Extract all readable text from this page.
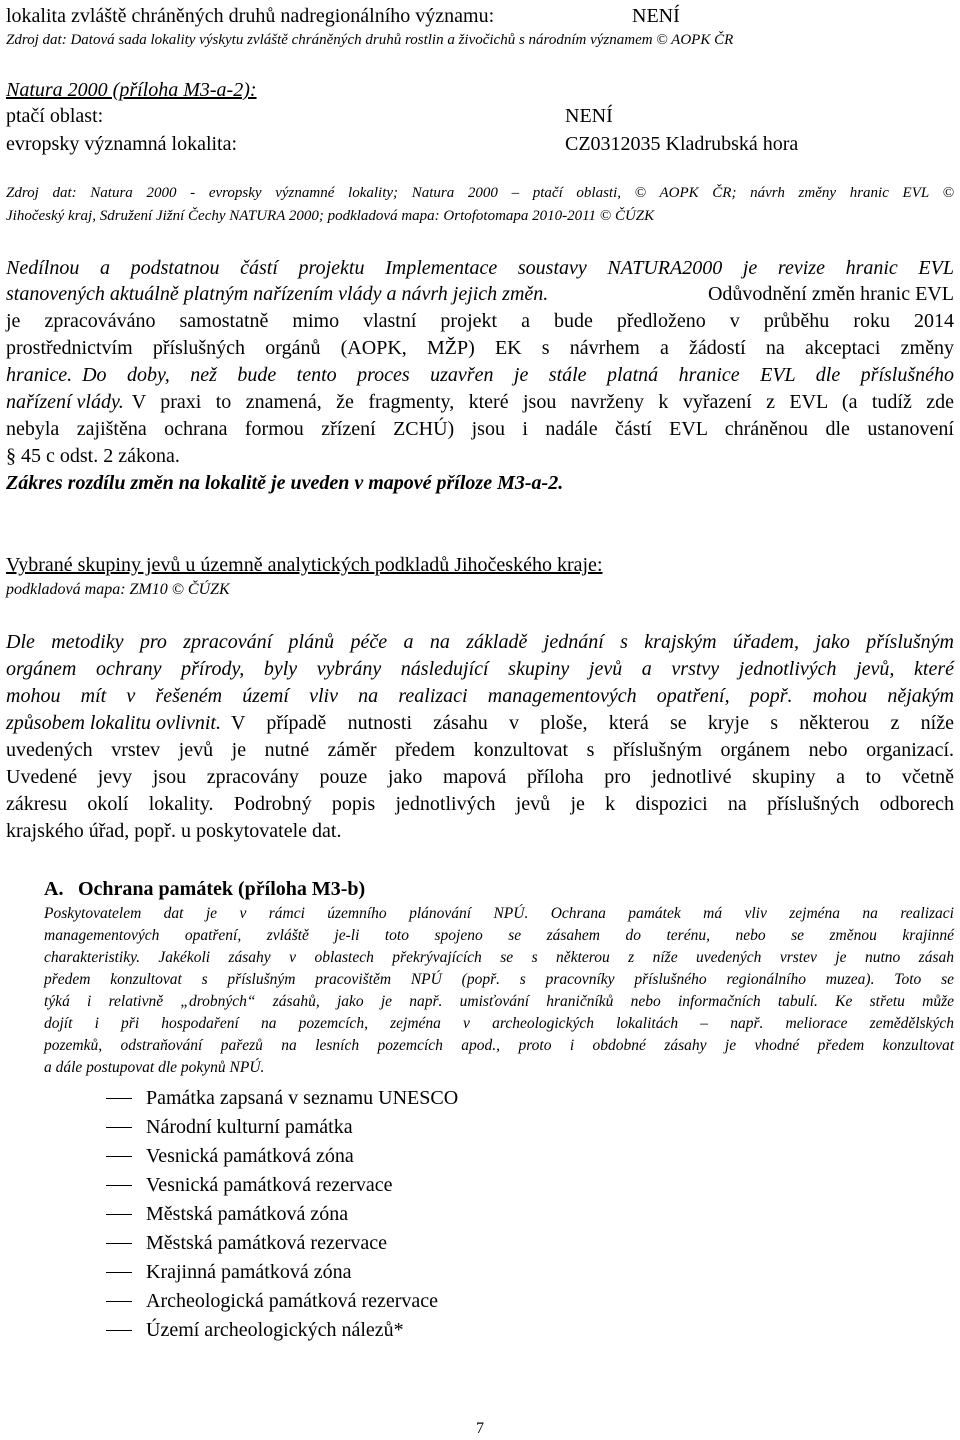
lokalita zvláště chráněných druhů nadregionálního významu:	NENÍ
Zdroj dat: Datová sada lokality výskytu zvláště chráněných druhů rostlin a živočichů s národním významem © AOPK ČR
Natura 2000 (příloha M3-a-2):
ptačí oblast:	NENÍ
evropsky významná lokalita:	CZ0312035 Kladrubská hora
Zdroj dat: Natura 2000 - evropsky významné lokality; Natura 2000 – ptačí oblasti, © AOPK ČR; návrh změny hranic EVL ©
Jihočeský kraj, Sdružení Jižní Čechy NATURA 2000; podkladová mapa: Ortofotomapa 2010-2011 © ČÚZK
Nedílnou a podstatnou částí projektu Implementace soustavy NATURA2000 je revize hranic EVL
stanovených aktuálně platným nařízením vlády a návrh jejich změn.	Odůvodnění změn hranic EVL
je zpracováváno samostatně mimo vlastní projekt a bude předloženo v průběhu roku 2014
prostřednictvím příslušných orgánů (AOPK, MŽP) EK s návrhem a žádostí na akceptaci změny
hranice. Do doby, než bude tento proces uzavřen je stále platná hranice EVL dle příslušného
nařízení vlády. V praxi to znamená, že fragmenty, které jsou navrženy k vyřazení z EVL (a tudíž zde
nebyla zajištěna ochrana formou zřízení ZCHÚ) jsou i nadále částí EVL chráněnou dle ustanovení
§ 45 c odst. 2 zákona.
Zákres rozdílu změn na lokalitě je uveden v mapové příloze M3-a-2.
Vybrané skupiny jevů u územně analytických podkladů Jihočeského kraje:
podkladová mapa: ZM10 © ČÚZK
Dle metodiky pro zpracování plánů péče a na základě jednání s krajským úřadem, jako příslušným
orgánem ochrany přírody, byly vybrány následující skupiny jevů a vrstvy jednotlivých jevů, které
mohou mít v řešeném území vliv na realizaci managementových opatření, popř. mohou nějakým
způsobem lokalitu ovlivnit. V případě nutnosti zásahu v ploše, která se kryje s některou z níže
uvedených vrstev jevů je nutné záměr předem konzultovat s příslušným orgánem nebo organizací.
Uvedené jevy jsou zpracovány pouze jako mapová příloha pro jednotlivé skupiny a to včetně
zákresu okolí lokality. Podrobný popis jednotlivých jevů je k dispozici na příslušných odborech
krajského úřad, popř. u poskytovatele dat.
A. Ochrana památek (příloha M3-b)
Poskytovatelem dat je v rámci územního plánování NPÚ. Ochrana památek má vliv zejména na realizaci
managementových opatření, zvláště je-li toto spojeno se zásahem do terénu, nebo se změnou krajinné
charakteristiky. Jakékoli zásahy v oblastech překrývajících se s některou z níže uvedených vrstev je nutno zásah
předem konzultovat s příslušným pracovištěm NPÚ (popř. s pracovníky příslušného regionálního muzea). Toto se
týká i relativně „drobných“ zásahů, jako je např. umisťování hraničníků nebo informačních tabulí. Ke střetu může
dojít i při hospodaření na pozemcích, zejména v archeologických lokalitách – např. meliorace zemědělských
pozemků, odstraňování pařezů na lesních pozemcích apod., proto i obdobné zásahy je vhodné předem konzultovat
a dále postupovat dle pokynů NPÚ.
Památka zapsaná v seznamu UNESCO
Národní kulturní památka
Vesnická památková zóna
Vesnická památková rezervace
Městská památková zóna
Městská památková rezervace
Krajinná památková zóna
Archeologická památková rezervace
Území archeologických nálezů*
7
